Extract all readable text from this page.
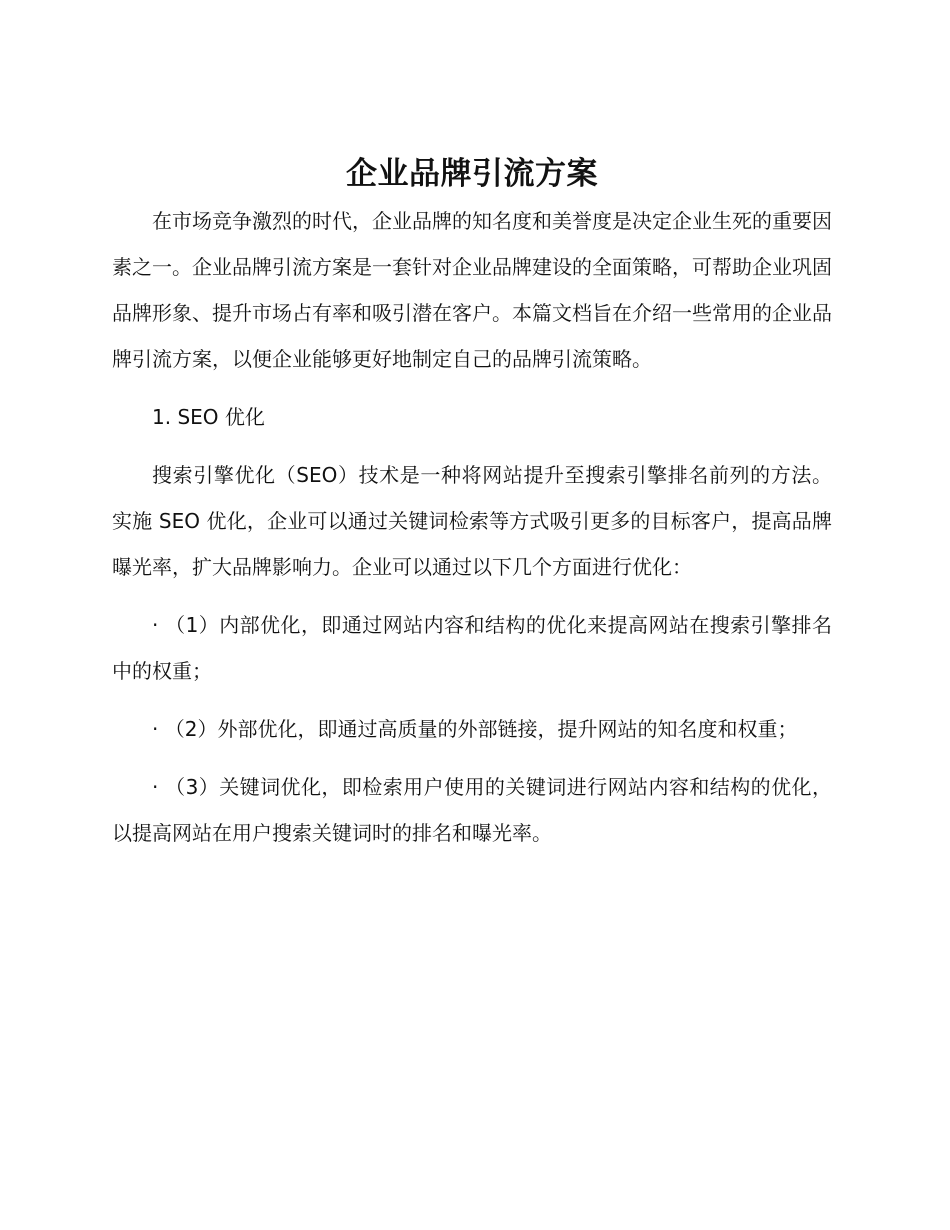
企业品牌引流方案

在市场竞争激烈的时代，企业品牌的知名度和美誉度是决定企业生死的重要因素之一。企业品牌引流方案是一套针对企业品牌建设的全面策略，可帮助企业巩固品牌形象、提升市场占有率和吸引潜在客户。本篇文档旨在介绍一些常用的企业品牌引流方案，以便企业能够更好地制定自己的品牌引流策略。

1. SEO 优化

搜索引擎优化（SEO）技术是一种将网站提升至搜索引擎排名前列的方法。实施 SEO 优化，企业可以通过关键词检索等方式吸引更多的目标客户，提高品牌曝光率，扩大品牌影响力。企业可以通过以下几个方面进行优化：

· （1）内部优化，即通过网站内容和结构的优化来提高网站在搜索引擎排名中的权重；

· （2）外部优化，即通过高质量的外部链接，提升网站的知名度和权重；

· （3）关键词优化，即检索用户使用的关键词进行网站内容和结构的优化，以提高网站在用户搜索关键词时的排名和曝光率。
